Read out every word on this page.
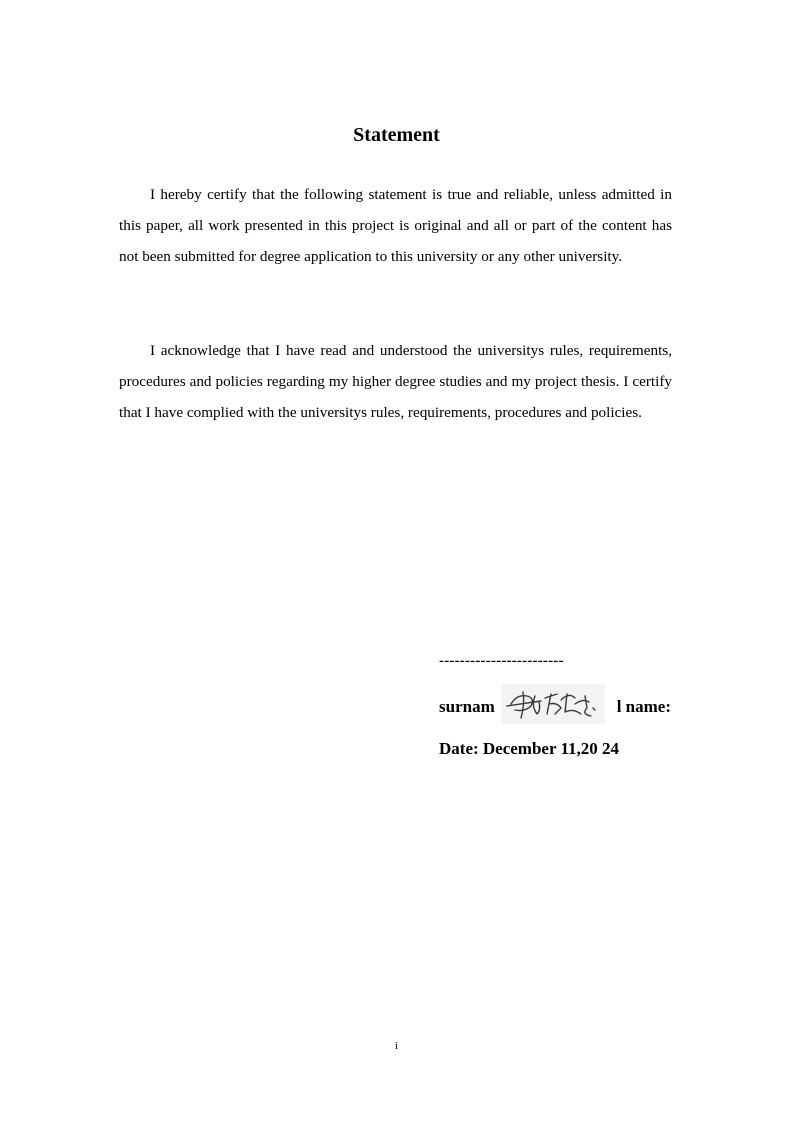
Statement

I hereby certify that the following statement is true and reliable, unless admitted in this paper, all work presented in this project is original and all or part of the content has not been submitted for degree application to this university or any other university.

I acknowledge that I have read and understood the universitys rules, requirements, procedures and policies regarding my higher degree studies and my project thesis. I certify that I have complied with the universitys rules, requirements, procedures and policies.

------------------------

surnam	l name:

Date: December 11,20 24

i
